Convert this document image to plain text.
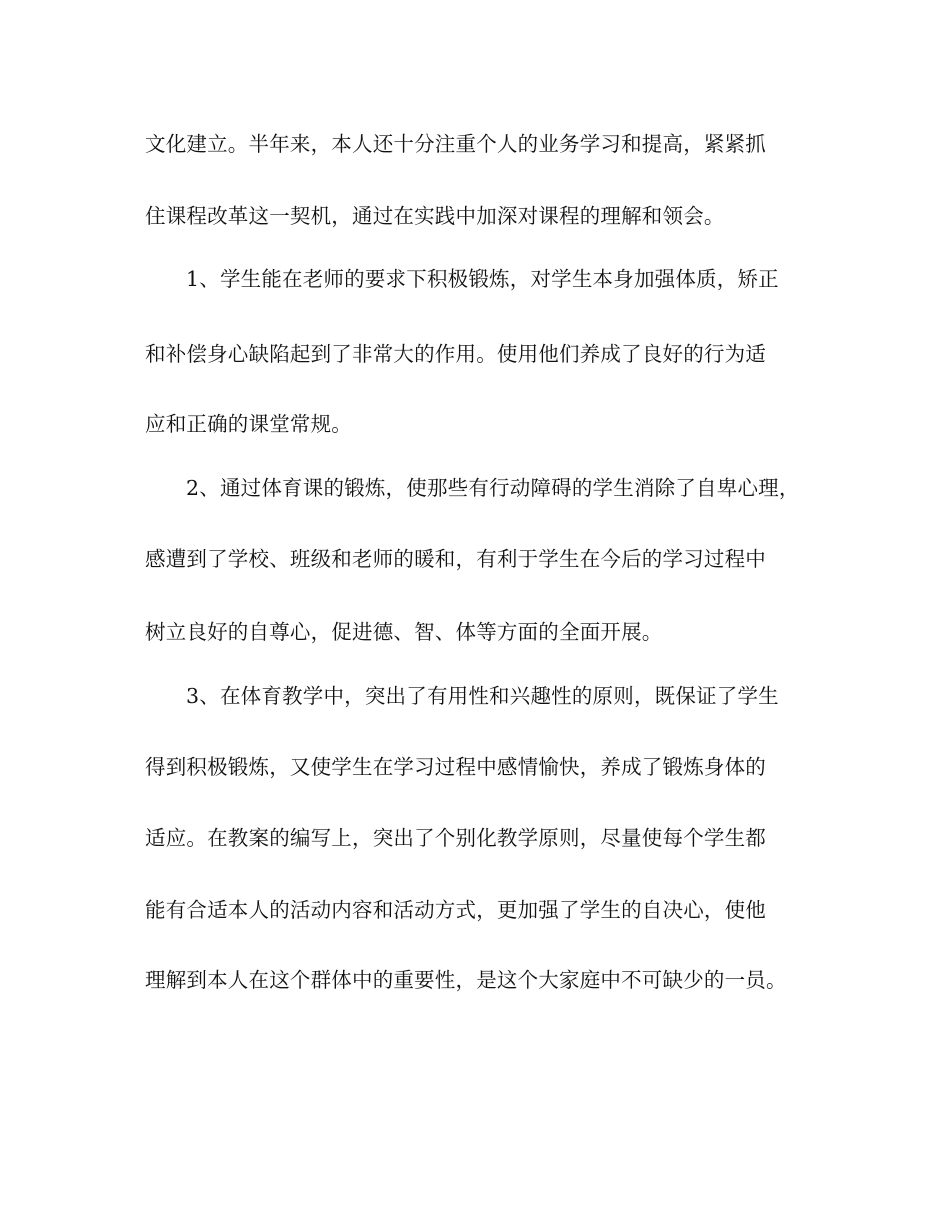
文化建立。半年来，本人还十分注重个人的业务学习和提高，紧紧抓
住课程改革这一契机，通过在实践中加深对课程的理解和领会。
1、学生能在老师的要求下积极锻炼，对学生本身加强体质，矫正
和补偿身心缺陷起到了非常大的作用。使用他们养成了良好的行为适
应和正确的课堂常规。
2、通过体育课的锻炼，使那些有行动障碍的学生消除了自卑心理，
感遭到了学校、班级和老师的暖和，有利于学生在今后的学习过程中
树立良好的自尊心，促进德、智、体等方面的全面开展。
3、在体育教学中，突出了有用性和兴趣性的原则，既保证了学生
得到积极锻炼，又使学生在学习过程中感情愉快，养成了锻炼身体的
适应。在教案的编写上，突出了个别化教学原则，尽量使每个学生都
能有合适本人的活动内容和活动方式，更加强了学生的自决心，使他
理解到本人在这个群体中的重要性，是这个大家庭中不可缺少的一员。
